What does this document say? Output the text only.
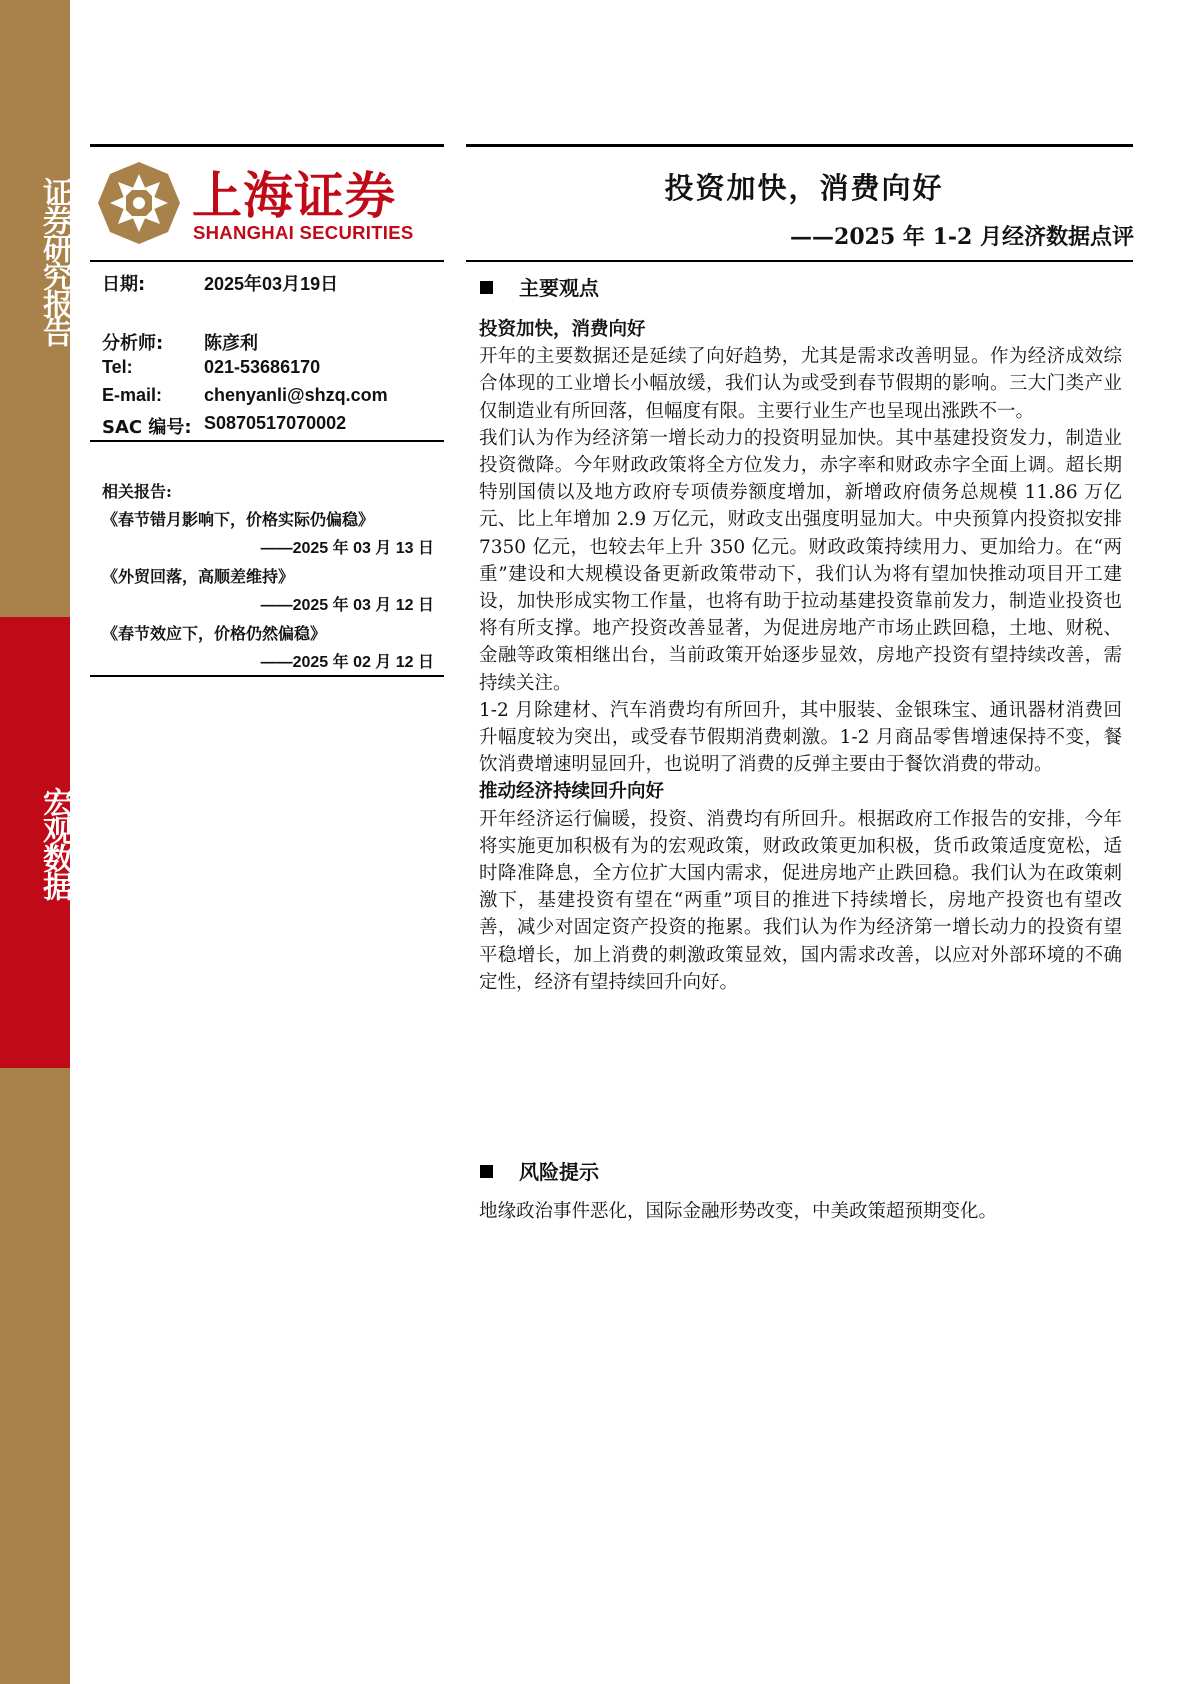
证券研究报告
宏观数据
上海证券
SHANGHAI SECURITIES
日期:	2025年03月19日
分析师: 陈彦利
Tel:	021-53686170
E-mail: chenyanli@shzq.com
SAC 编号: S0870517070002
相关报告:
《春节错月影响下，价格实际仍偏稳》
——2025 年 03 月 13 日
《外贸回落，高顺差维持》
——2025 年 03 月 12 日
《春节效应下，价格仍然偏稳》
——2025 年 02 月 12 日
投资加快，消费向好
——2025 年 1-2 月经济数据点评
主要观点

投资加快，消费向好

开年的主要数据还是延续了向好趋势，尤其是需求改善明显。作为经济成效综合体现的工业增长小幅放缓，我们认为或受到春节假期的影响。三大门类产业仅制造业有所回落，但幅度有限。主要行业生产也呈现出涨跌不一。

我们认为作为经济第一增长动力的投资明显加快。其中基建投资发力，制造业投资微降。今年财政政策将全方位发力，赤字率和财政赤字全面上调。超长期特别国债以及地方政府专项债券额度增加，新增政府债务总规模 11.86 万亿元、比上年增加 2.9 万亿元，财政支出强度明显加大。中央预算内投资拟安排 7350 亿元，也较去年上升 350 亿元。财政政策持续用力、更加给力。在“两重”建设和大规模设备更新政策带动下，我们认为将有望加快推动项目开工建设，加快形成实物工作量，也将有助于拉动基建投资靠前发力，制造业投资也将有所支撑。地产投资改善显著，为促进房地产市场止跌回稳，土地、财税、金融等政策相继出台，当前政策开始逐步显效，房地产投资有望持续改善，需持续关注。

1-2 月除建材、汽车消费均有所回升，其中服装、金银珠宝、通讯器材消费回升幅度较为突出，或受春节假期消费刺激。1-2 月商品零售增速保持不变，餐饮消费增速明显回升，也说明了消费的反弹主要由于餐饮消费的带动。

推动经济持续回升向好

开年经济运行偏暖，投资、消费均有所回升。根据政府工作报告的安排，今年将实施更加积极有为的宏观政策，财政政策更加积极，货币政策适度宽松，适时降准降息，全方位扩大国内需求，促进房地产止跌回稳。我们认为在政策刺激下，基建投资有望在“两重”项目的推进下持续增长，房地产投资也有望改善，减少对固定资产投资的拖累。我们认为作为经济第一增长动力的投资有望平稳增长，加上消费的刺激政策显效，国内需求改善，以应对外部环境的不确定性，经济有望持续回升向好。

风险提示

地缘政治事件恶化，国际金融形势改变，中美政策超预期变化。
